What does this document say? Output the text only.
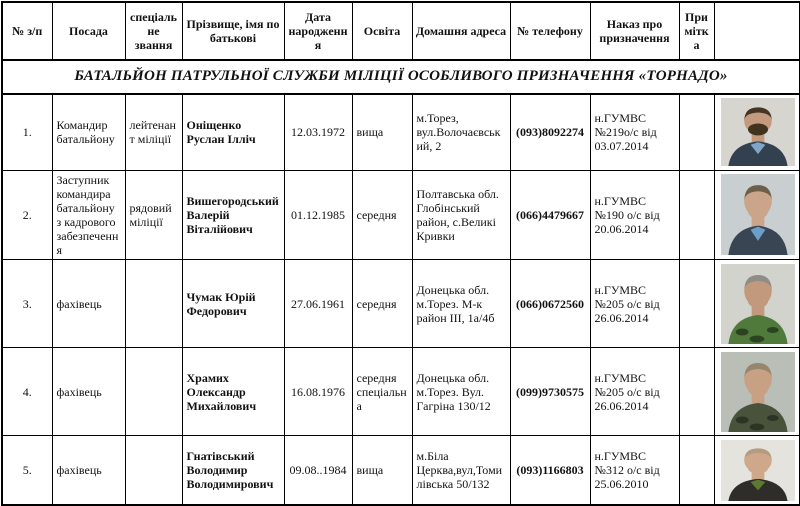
№ з/п	Посада	спеціальне звання	Прізвище, імя по батькові	Дата народження	Освіта	Домашня адреса	№ телефону	Наказ про призначення	Примітка	
БАТАЛЬЙОН ПАТРУЛЬНОЇ СЛУЖБИ МІЛІЦІЇ ОСОБЛИВОГО ПРИЗНАЧЕННЯ «ТОРНАДО»										
1.	Командир батальйону	лейтенант міліції	Оніщенко Руслан Ілліч	12.03.1972	вища	м.Торез, вул.Волочаєвський, 2	(093)8092274	н.ГУМВС №219о/с від 03.07.2014		

2.	Заступник командира батальйону з кадрового забезпечення	рядовий міліції	Вишегородський Валерій Віталійович	01.12.1985	середня	Полтавська обл. Глобінський район, с.Великі Кривки	(066)4479667	н.ГУМВС №190 о/с від 20.06.2014		

3.	фахівець		Чумак Юрій Федорович	27.06.1961	середня	Донецька обл. м.Торез. М-к район ІІІ, 1а/4б	(066)0672560	н.ГУМВС №205 о/с від 26.06.2014		

4.	фахівець		Храмих Олександр Михайлович	16.08.1976	середня спеціальна	Донецька обл. м.Торез. Вул. Гагріна 130/12	(099)9730575	н.ГУМВС №205 о/с від 26.06.2014		

5.	фахівець		Гнатівський Володимир Володимирович	09.08..1984	вища	м.Біла Церква,вул,Томилівська 50/132	(093)1166803	н.ГУМВС №312 о/с від 25.06.2010		
